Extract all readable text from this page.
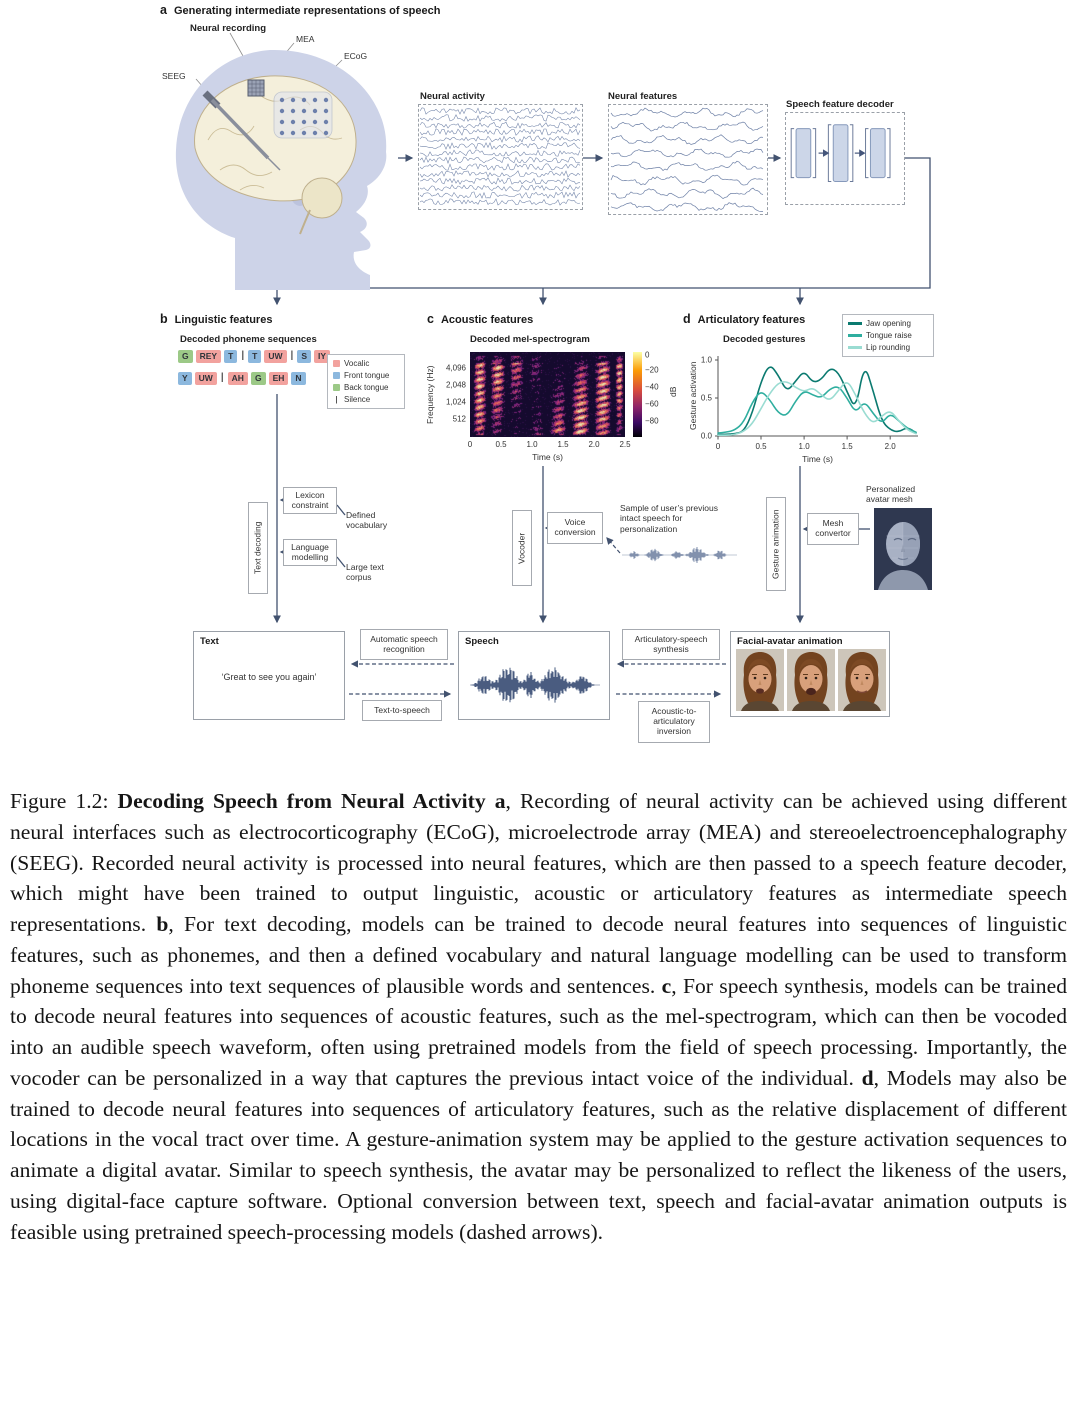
a Generating intermediate representations of speech
Neural recording
MEA
ECoG
SEEG
Neural activity	Neural features
Speech feature decoder
b Linguistic features
Decoded phoneme sequences
G	REY	T | T	UW | S	IY
Y	UW | AH	G	EH	N
Vocalic
Front tongue
Back tongue
| Silence
Text decoding
Lexicon constraint
Defined vocabulary
Language modelling
Large text corpus
Text
‘Great to see you again’
Automatic speech recognition
Text-to-speech
c Acoustic features
Decoded mel-spectrogram
Frequency (Hz) 4,096
2,048
1,024
512
0	0.5 1.0 1.5 2.0 2.5
Time (s)
0
−20
−40
−60
−80
dB
Vocoder
Voice conversion
Sample of user’s previous intact speech for personalization
Speech
d Articulatory features	Jaw opening
Tongue raise
Lip rounding
Decoded gestures
Gesture activation
1.0
0.5
0.0
0	0.5	1.0	1.5	2.0
Time (s)
Gesture animation	Mesh convertor
Personalized avatar mesh
Facial-avatar animation
Articulatory-speech synthesis
Acoustic-to-articulatory inversion

Figure 1.2: Decoding Speech from Neural Activity a, Recording of neural activity can be achieved using different neural interfaces such as electrocorticography (ECoG), microelectrode array (MEA) and stereoelectroencephalography (SEEG). Recorded neural activity is processed into neural features, which are then passed to a speech feature decoder, which might have been trained to output linguistic, acoustic or articulatory features as intermediate speech representations. b, For text decoding, models can be trained to decode neural features into sequences of linguistic features, such as phonemes, and then a defined vocabulary and natural language modelling can be used to transform phoneme sequences into text sequences of plausible words and sentences. c, For speech synthesis, models can be trained to decode neural features into sequences of acoustic features, such as the mel-spectrogram, which can then be vocoded into an audible speech waveform, often using pretrained models from the field of speech processing. Importantly, the vocoder can be personalized in a way that captures the previous intact voice of the individual. d, Models may also be trained to decode neural features into sequences of articulatory features, such as the relative displacement of different locations in the vocal tract over time. A gesture-animation system may be applied to the gesture activation sequences to animate a digital avatar. Similar to speech synthesis, the avatar may be personalized to reflect the likeness of the users, using digital-face capture software. Optional conversion between text, speech and facial-avatar animation outputs is feasible using pretrained speech-processing models (dashed arrows).
